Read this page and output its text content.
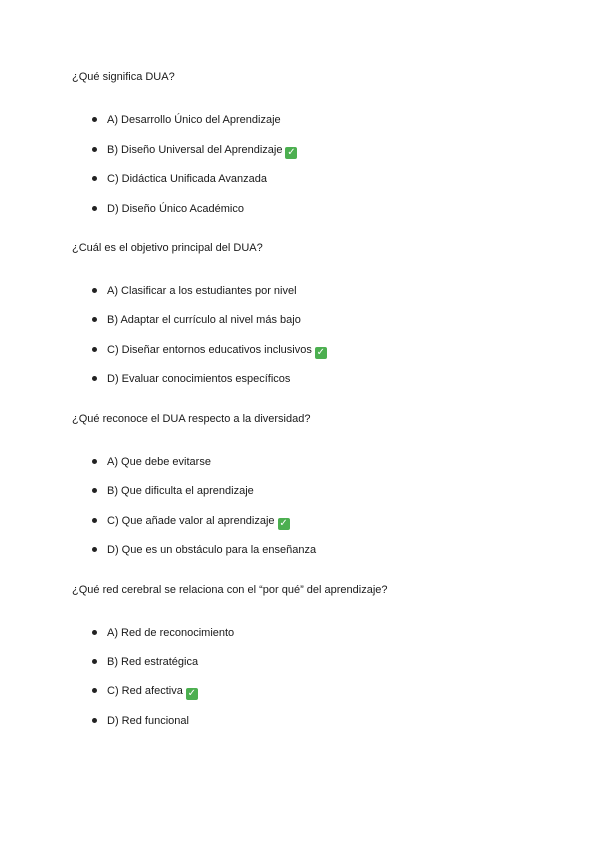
¿Qué significa DUA?

A) Desarrollo Único del Aprendizaje
B) Diseño Universal del Aprendizaje ✓
C) Didáctica Unificada Avanzada
D) Diseño Único Académico

¿Cuál es el objetivo principal del DUA?

A) Clasificar a los estudiantes por nivel
B) Adaptar el currículo al nivel más bajo
C) Diseñar entornos educativos inclusivos ✓
D) Evaluar conocimientos específicos

¿Qué reconoce el DUA respecto a la diversidad?

A) Que debe evitarse
B) Que dificulta el aprendizaje
C) Que añade valor al aprendizaje ✓
D) Que es un obstáculo para la enseñanza

¿Qué red cerebral se relaciona con el “por qué” del aprendizaje?

A) Red de reconocimiento
B) Red estratégica
C) Red afectiva ✓
D) Red funcional
